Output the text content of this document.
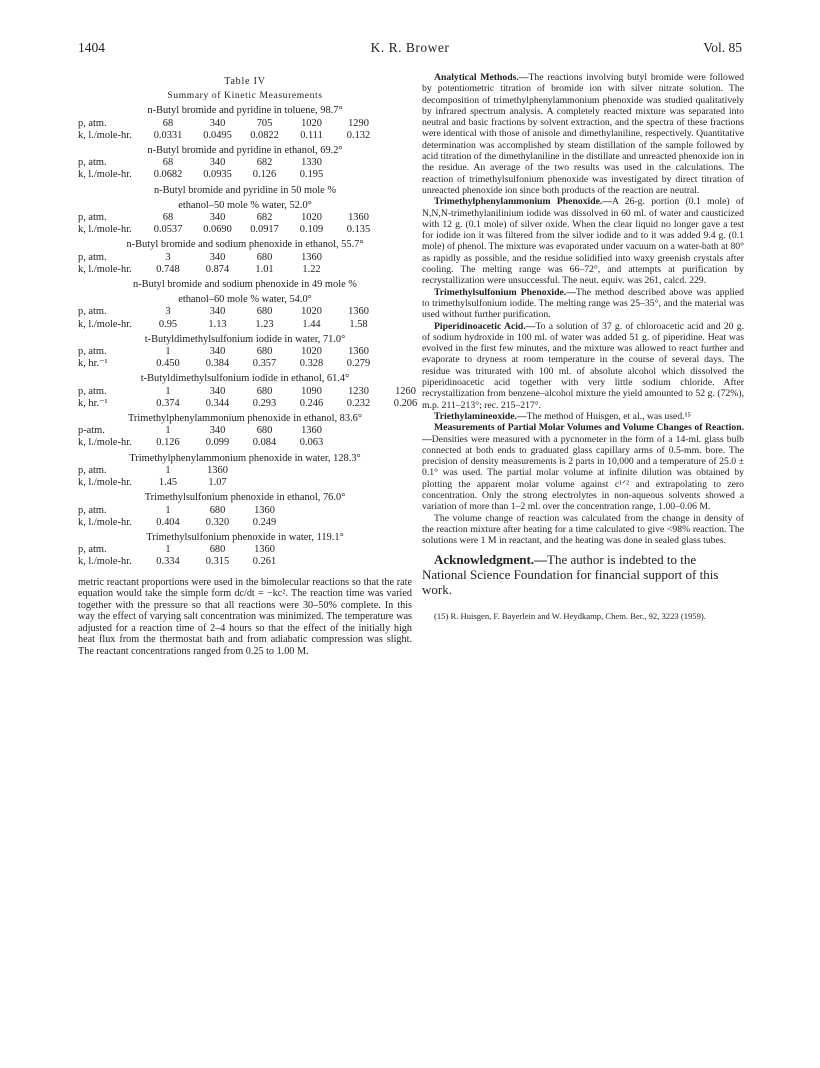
1404	K. R. Brower	Vol. 85
Table IV
Summary of Kinetic Measurements
n-Butyl bromide and pyridine in toluene, 98.7°
p, atm.	68	340	705	1020	1290
k, l./mole-hr.	0.0331	0.0495	0.0822	0.111	0.132
n-Butyl bromide and pyridine in ethanol, 69.2°
p, atm.	68	340	682	1330
k, l./mole-hr.	0.0682	0.0935	0.126	0.195
n-Butyl bromide and pyridine in 50 mole %
ethanol–50 mole % water, 52.0°
p, atm.	68	340	682	1020	1360
k, l./mole-hr.	0.0537	0.0690	0.0917	0.109	0.135
n-Butyl bromide and sodium phenoxide in ethanol, 55.7°
p, atm.	3	340	680	1360
k, l./mole-hr.	0.748	0.874	1.01	1.22
n-Butyl bromide and sodium phenoxide in 49 mole %
ethanol–60 mole % water, 54.0°
p, atm.	3	340	680	1020	1360
k, l./mole-hr.	0.95	1.13	1.23	1.44	1.58
t-Butyldimethylsulfonium iodide in water, 71.0°
p, atm.	1	340	680	1020	1360
k, hr.⁻¹	0.450	0.384	0.357	0.328	0.279
t-Butyldimethylsulfonium iodide in ethanol, 61.4°
p, atm.	1	340	680	1090	1230	1260
k, hr.⁻¹	0.374	0.344	0.293	0.246	0.232	0.206
Trimethylphenylammonium phenoxide in ethanol, 83.6°
p-atm.	1	340	680	1360
k, l./mole-hr.	0.126	0.099	0.084	0.063
Trimethylphenylammonium phenoxide in water, 128.3°
p, atm.	1	1360
k, l./mole-hr.	1.45	1.07
Trimethylsulfonium phenoxide in ethanol, 76.0°
p, atm.	1	680	1360
k, l./mole-hr.	0.404	0.320	0.249
Trimethylsulfonium phenoxide in water, 119.1°
p, atm.	1	680	1360
k, l./mole-hr.	0.334	0.315	0.261

metric reactant proportions were used in the bimolecular reactions so that the rate equation would take the simple form dc/dt = −kc². The reaction time was varied together with the pressure so that all reactions were 30–50% complete. In this way the effect of varying salt concentration was minimized. The temperature was adjusted for a reaction time of 2–4 hours so that the effect of the initially high heat flux from the thermostat bath and from adiabatic compression was slight. The reactant concentrations ranged from 0.25 to 1.00 M.

Analytical Methods.—The reactions involving butyl bromide were followed by potentiometric titration of bromide ion with silver nitrate solution. The decomposition of trimethylphenylammonium phenoxide was studied qualitatively by infrared spectrum analysis. A completely reacted mixture was separated into neutral and basic fractions by solvent extraction, and the spectra of these fractions were identical with those of anisole and dimethylaniline, respectively. Quantitative determination was accomplished by steam distillation of the sample followed by acid titration of the dimethylaniline in the distillate and unreacted phenoxide ion in the residue. An average of the two results was used in the calculations. The reaction of trimethylsulfonium phenoxide was investigated by direct titration of unreacted phenoxide ion since both products of the reaction are neutral.

Trimethylphenylammonium Phenoxide.—A 26-g. portion (0.1 mole) of N,N,N-trimethylanilinium iodide was dissolved in 60 ml. of water and causticized with 12 g. (0.1 mole) of silver oxide. When the clear liquid no longer gave a test for iodide ion it was filtered from the silver iodide and to it was added 9.4 g. (0.1 mole) of phenol. The mixture was evaporated under vacuum on a water-bath at 80° as rapidly as possible, and the residue solidified into waxy greenish crystals after cooling. The melting range was 66–72°, and attempts at purification by recrystallization were unsuccessful. The neut. equiv. was 261, calcd. 229.

Trimethylsulfonium Phenoxide.—The method described above was applied to trimethylsulfonium iodide. The melting range was 25–35°, and the material was used without further purification.

Piperidinoacetic Acid.—To a solution of 37 g. of chloroacetic acid and 20 g. of sodium hydroxide in 100 ml. of water was added 51 g. of piperidine. Heat was evolved in the first few minutes, and the mixture was allowed to react further and evaporate to dryness at room temperature in the course of several days. The residue was triturated with 100 ml. of absolute alcohol which dissolved the piperidinoacetic acid together with very little sodium chloride. After recrystallization from benzene–alcohol mixture the yield amounted to 52 g. (72%), m.p. 211–213°; rec. 215–217°.

Triethylamineoxide.—The method of Huisgen, et al., was used.¹⁵

Measurements of Partial Molar Volumes and Volume Changes of Reaction.—Densities were measured with a pycnometer in the form of a 14-ml. glass bulb connected at both ends to graduated glass capillary arms of 0.5-mm. bore. The precision of density measurements is 2 parts in 10,000 and a temperature of 25.0 ± 0.1° was used. The partial molar volume at infinite dilution was obtained by plotting the apparent molar volume against c¹ᐟ² and extrapolating to zero concentration. Only the strong electrolytes in non-aqueous solvents showed a variation of more than 1–2 ml. over the concentration range, 1.00–0.06 M.

The volume change of reaction was calculated from the change in density of the reaction mixture after heating for a time calculated to give <98% reaction. The solutions were 1 M in reactant, and the heating was done in sealed glass tubes.

Acknowledgment.—The author is indebted to the National Science Foundation for financial support of this work.

(15) R. Huisgen, F. Bayerlein and W. Heydkamp, Chem. Ber., 92, 3223 (1959).
